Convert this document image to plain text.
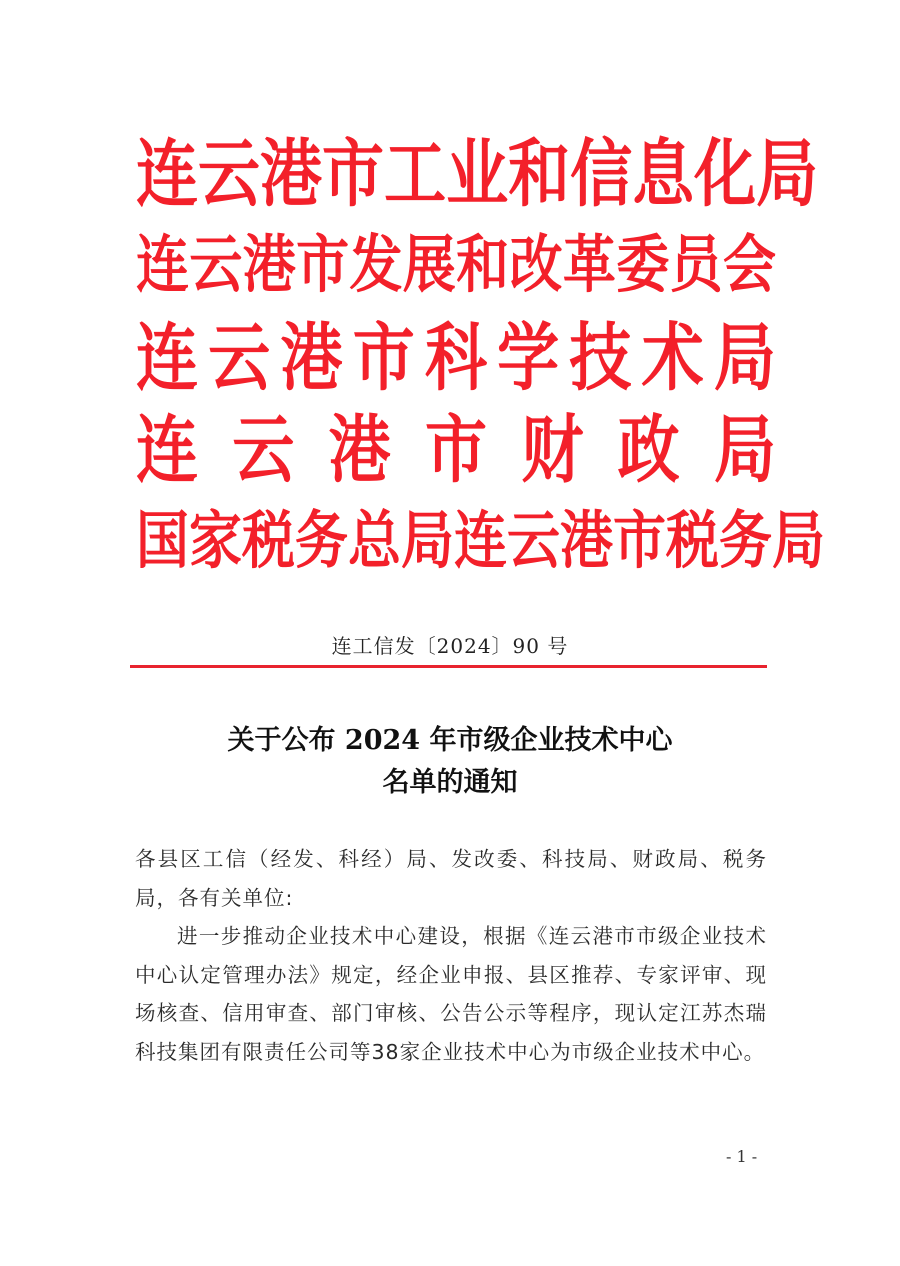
连 云 港 市 工 业 和 信 息 化 局
连 云 港 市 发 展 和 改 革 委 员 会
连 云 港 市 科 学 技 术 局
连 云 港 市 财 政 局
国 家 税 务 总 局 连 云 港 市 税 务 局
连工信发〔2024〕90 号
关于公布 2024 年市级企业技术中心
名单的通知

各县区工信（经发、科经）局、发改委、科技局、财政局、税务局，各有关单位:

进一步推动企业技术中心建设，根据《连云港市市级企业技术中心认定管理办法》规定，经企业申报、县区推荐、专家评审、现场核查、信用审查、部门审核、公告公示等程序，现认定江苏杰瑞科技集团有限责任公司等38家企业技术中心为市级企业技术中心。

- 1 -
